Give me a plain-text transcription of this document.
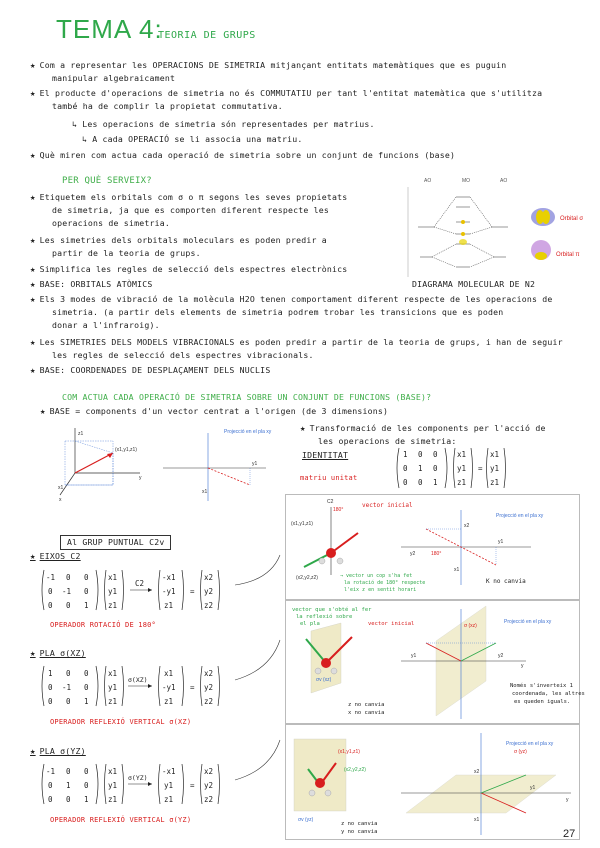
TEMA 4:
TEORIA DE GRUPS
★ Com a representar les OPERACIONS DE SIMETRIA mitjançant entitats matemàtiques que es puguin
manipular algebraicament
★ El producte d'operacions de simetria no és COMMUTATIU per tant l'entitat matemàtica que s'utilitza
també ha de complir la propietat commutativa.
↳ Les operacions de simetria són representades per matrius.
↳ A cada OPERACIÓ se li associa una matriu.
★ Què miren com actua cada operació de simetria sobre un conjunt de funcions (base)
PER QUÈ SERVEIX?
★ Etiquetem els orbitals com σ o π segons les seves propietats
de simetria, ja que es comporten diferent respecte les
operacions de simetria.
★ Les simetries dels orbitals moleculars es poden predir a
partir de la teoria de grups.
★ Simplifica les regles de selecció dels espectres electrònics
★ BASE: ORBITALS ATÒMICS
★ Els 3 modes de vibració de la molècula H2O tenen comportament diferent respecte de les operacions de
simetria. (a partir dels elements de simetria podrem trobar les transicions que es poden
donar a l'infraroig).
★ Les SIMETRIES DELS MODELS VIBRACIONALS es poden predir a partir de la teoria de grups, i han de seguir
les regles de selecció dels espectres vibracionals.
★ BASE: COORDENADES DE DESPLAÇAMENT DELS NUCLIS
AO	MO	AO
Orbital σ
Orbital π
DIAGRAMA MOLECULAR DE N2
COM ACTUA CADA OPERACIÓ DE SIMETRIA SOBRE UN CONJUNT DE FUNCIONS (BASE)?
★ BASE = components d'un vector centrat a l'origen (de 3 dimensions)
(x1,y1,z1)
z1
x1
x
y
Projecció en el pla xy
y1
x1
★ Transformació de les components per l'acció de
les operacions de simetria:
IDENTITAT
matriu unitat
1 0 0
0 1 0
0 0 1
x1
y1
z1
=
x1
y1
z1
Al GRUP PUNTUAL C2v
★ EIXOS C2
-1 0 0
0 -1 0
0 0 1
x1
y1
z1
C2
-x1
-y1
z1
=
x2
y2
z2
OPERADOR ROTACIÓ DE 180°
★ PLA σ(XZ)
1 0 0
0 -1 0
0 0 1
x1
y1
z1
σ(XZ)
x1
-y1
z1
=
x2
y2
z2
OPERADOR REFLEXIÓ VERTICAL σ(XZ)
★ PLA σ(YZ)
-1 0 0
0 1 0
0 0 1
x1
y1
z1
σ(YZ)
-x1
y1
z1
=
x2
y2
z2
OPERADOR REFLEXIÓ VERTICAL σ(YZ)
C2
180°
(x1,y1,z1)
(x2,y2,z2)
vector inicial
→ vector un cop s'ha fet
la rotació de 180° respecte
l'eix z en sentit horari
Projecció en el pla xy
180°
x2
y1
y2
x1
K no canvia
vector que s'obté al fer
la reflexió sobre
el pla	vector inicial
σv (xz)
z no canvia
x no canvia
Projecció en el pla xy
y1	y2
σ (xz)
y
Només s'inverteix 1
coordenada, les altres
es queden iguals.
σv (yz)
(x1,y1,z1)
(x2,y2,z2)
z no canvia
y no canvia
Projecció en el pla xy
σ (yz)
x1
x2
y1
y
27
